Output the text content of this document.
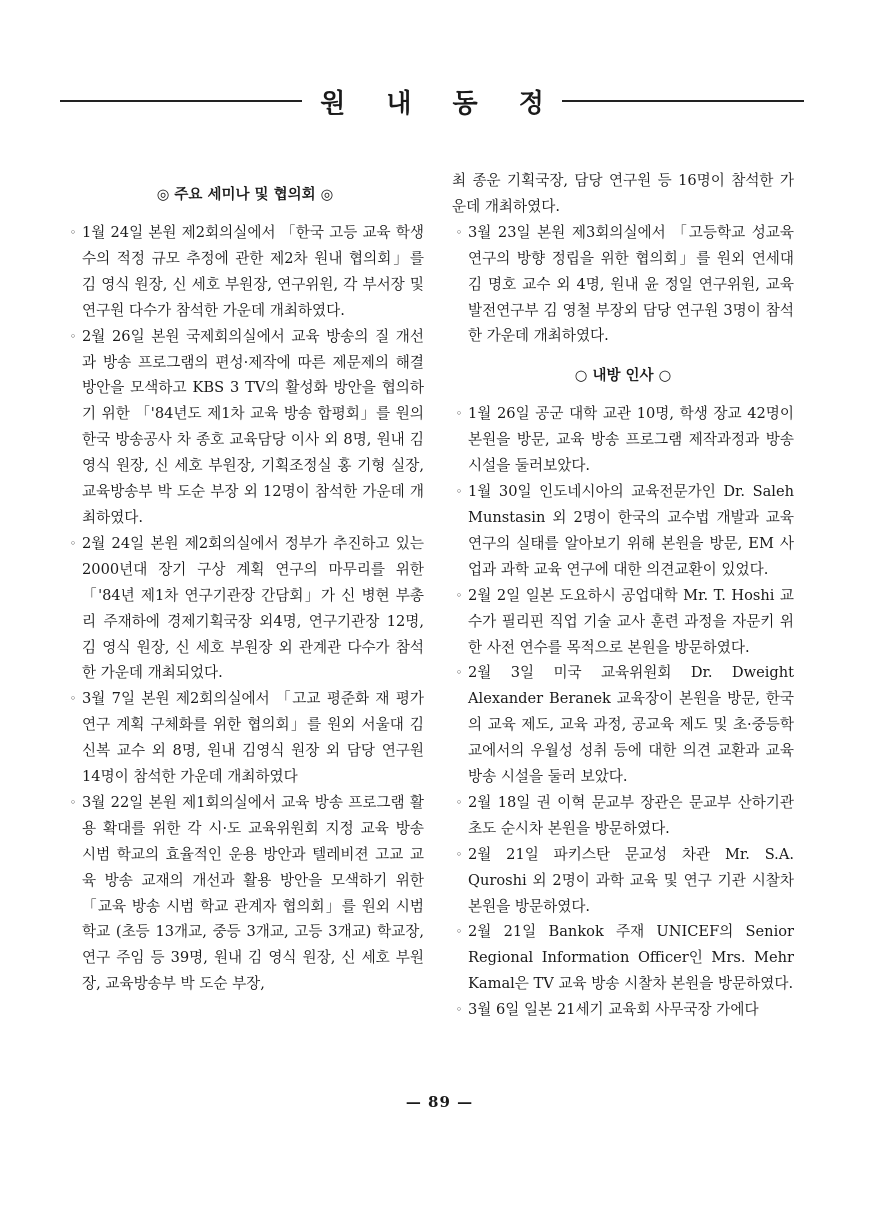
원 내 동 정
◎ 주요 세미나 및 협의회 ◎
◦ 1월 24일 본원 제2회의실에서 「한국 고등 교육 학생수의 적정 규모 추정에 관한 제2차 원내 협의회」를 김 영식 원장, 신 세호 부원장, 연구위원, 각 부서장 및 연구원 다수가 참석한 가운데 개최하였다.
◦ 2월 26일 본원 국제회의실에서 교육 방송의 질 개선과 방송 프로그램의 편성·제작에 따른 제문제의 해결 방안을 모색하고 KBS 3 TV의 활성화 방안을 협의하기 위한 「'84년도 제1차 교육 방송 합평회」를 원의 한국 방송공사 차 종호 교육담당 이사 외 8명, 원내 김 영식 원장, 신 세호 부원장, 기획조정실 홍 기형 실장, 교육방송부 박 도순 부장 외 12명이 참석한 가운데 개최하였다.
◦ 2월 24일 본원 제2회의실에서 정부가 추진하고 있는 2000년대 장기 구상 계획 연구의 마무리를 위한 「'84년 제1차 연구기관장 간담회」가 신 병현 부총리 주재하에 경제기획국장 외4명, 연구기관장 12명, 김 영식 원장, 신 세호 부원장 외 관계관 다수가 참석한 가운데 개최되었다.
◦ 3월 7일 본원 제2회의실에서 「고교 평준화 재 평가 연구 계획 구체화를 위한 협의회」를 원외 서울대 김 신복 교수 외 8명, 원내 김영식 원장 외 담당 연구원 14명이 참석한 가운데 개최하였다
◦ 3월 22일 본원 제1회의실에서 교육 방송 프로그램 활용 확대를 위한 각 시·도 교육위원회 지정 교육 방송 시범 학교의 효율적인 운용 방안과 텔레비젼 고교 교육 방송 교재의 개선과 활용 방안을 모색하기 위한 「교육 방송 시범 학교 관계자 협의회」를 원외 시범 학교 (초등 13개교, 중등 3개교, 고등 3개교) 학교장, 연구 주임 등 39명, 원내 김 영식 원장, 신 세호 부원장, 교육방송부 박 도순 부장,

최 종운 기획국장, 담당 연구원 등 16명이 참석한 가운데 개최하였다.

◦ 3월 23일 본원 제3회의실에서 「고등학교 성교육 연구의 방향 정립을 위한 협의회」를 원외 연세대 김 명호 교수 외 4명, 원내 윤 정일 연구위원, 교육발전연구부 김 영철 부장외 담당 연구원 3명이 참석한 가운데 개최하였다.
○ 내방 인사 ○
◦ 1월 26일 공군 대학 교관 10명, 학생 장교 42명이 본원을 방문, 교육 방송 프로그램 제작과정과 방송 시설을 둘러보았다.
◦ 1월 30일 인도네시아의 교육전문가인 Dr. Saleh Munstasin 외 2명이 한국의 교수법 개발과 교육 연구의 실태를 알아보기 위해 본원을 방문, EM 사업과 과학 교육 연구에 대한 의견교환이 있었다.
◦ 2월 2일 일본 도요하시 공업대학 Mr. T. Hoshi 교수가 필리핀 직업 기술 교사 훈련 과정을 자문키 위한 사전 연수를 목적으로 본원을 방문하였다.
◦ 2월 3일 미국 교육위원회 Dr. Dweight Alexander Beranek 교육장이 본원을 방문, 한국의 교육 제도, 교육 과정, 공교육 제도 및 초·중등학교에서의 우월성 성취 등에 대한 의견 교환과 교육 방송 시설을 둘러 보았다.
◦ 2월 18일 권 이혁 문교부 장관은 문교부 산하기관 초도 순시차 본원을 방문하였다.
◦ 2월 21일 파키스탄 문교성 차관 Mr. S.A. Quroshi 외 2명이 과학 교육 및 연구 기관 시찰차 본원을 방문하였다.
◦ 2월 21일 Bankok 주재 UNICEF의 Senior Regional Information Officer인 Mrs. Mehr Kamal은 TV 교육 방송 시찰차 본원을 방문하였다.
◦ 3월 6일 일본 21세기 교육회 사무국장 가에다
— 89 —
